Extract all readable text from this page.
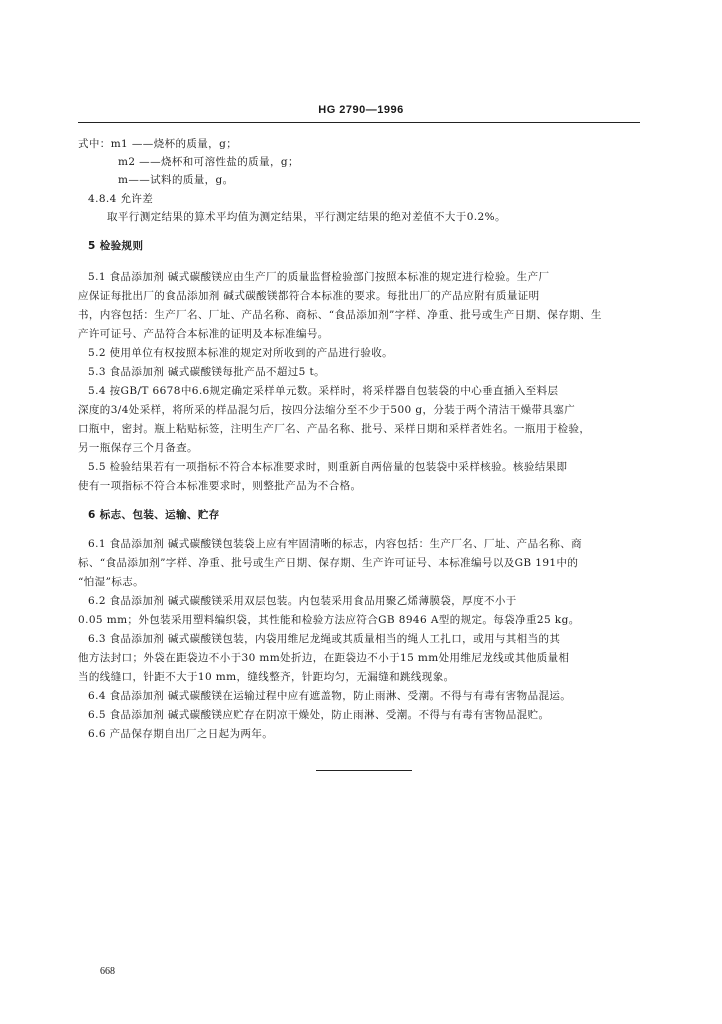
HG 2790—1996
式中：m1 ——烧杯的质量，g；
m2 ——烧杯和可溶性盐的质量，g；
m——试料的质量，g。
4.8.4 允许差
取平行测定结果的算术平均值为测定结果，平行测定结果的绝对差值不大于0.2%。
5 检验规则
5.1 食品添加剂 碱式碳酸镁应由生产厂的质量监督检验部门按照本标准的规定进行检验。生产厂
应保证每批出厂的食品添加剂 碱式碳酸镁都符合本标准的要求。每批出厂的产品应附有质量证明
书，内容包括：生产厂名、厂址、产品名称、商标、“食品添加剂”字样、净重、批号或生产日期、保存期、生
产许可证号、产品符合本标准的证明及本标准编号。
5.2 使用单位有权按照本标准的规定对所收到的产品进行验收。
5.3 食品添加剂 碱式碳酸镁每批产品不超过5 t。
5.4 按GB/T 6678中6.6规定确定采样单元数。采样时，将采样器自包装袋的中心垂直插入至料层
深度的3/4处采样，将所采的样品混匀后，按四分法缩分至不少于500 g，分装于两个清洁干燥带具塞广
口瓶中，密封。瓶上粘贴标签，注明生产厂名、产品名称、批号、采样日期和采样者姓名。一瓶用于检验，
另一瓶保存三个月备查。
5.5 检验结果若有一项指标不符合本标准要求时，则重新自两倍量的包装袋中采样核验。核验结果即
使有一项指标不符合本标准要求时，则整批产品为不合格。
6 标志、包装、运输、贮存
6.1 食品添加剂 碱式碳酸镁包装袋上应有牢固清晰的标志，内容包括：生产厂名、厂址、产品名称、商
标、“食品添加剂”字样、净重、批号或生产日期、保存期、生产许可证号、本标准编号以及GB 191中的
“怕湿”标志。
6.2 食品添加剂 碱式碳酸镁采用双层包装。内包装采用食品用聚乙烯薄膜袋，厚度不小于
0.05 mm；外包装采用塑料编织袋，其性能和检验方法应符合GB 8946 A型的规定。每袋净重25 kg。
6.3 食品添加剂 碱式碳酸镁包装，内袋用维尼龙绳或其质量相当的绳人工扎口，或用与其相当的其
他方法封口；外袋在距袋边不小于30 mm处折边，在距袋边不小于15 mm处用维尼龙线或其他质量相
当的线缝口，针距不大于10 mm，缝线整齐，针距均匀，无漏缝和跳线现象。
6.4 食品添加剂 碱式碳酸镁在运输过程中应有遮盖物，防止雨淋、受潮。不得与有毒有害物品混运。
6.5 食品添加剂 碱式碳酸镁应贮存在阴凉干燥处，防止雨淋、受潮。不得与有毒有害物品混贮。
6.6 产品保存期自出厂之日起为两年。
668
